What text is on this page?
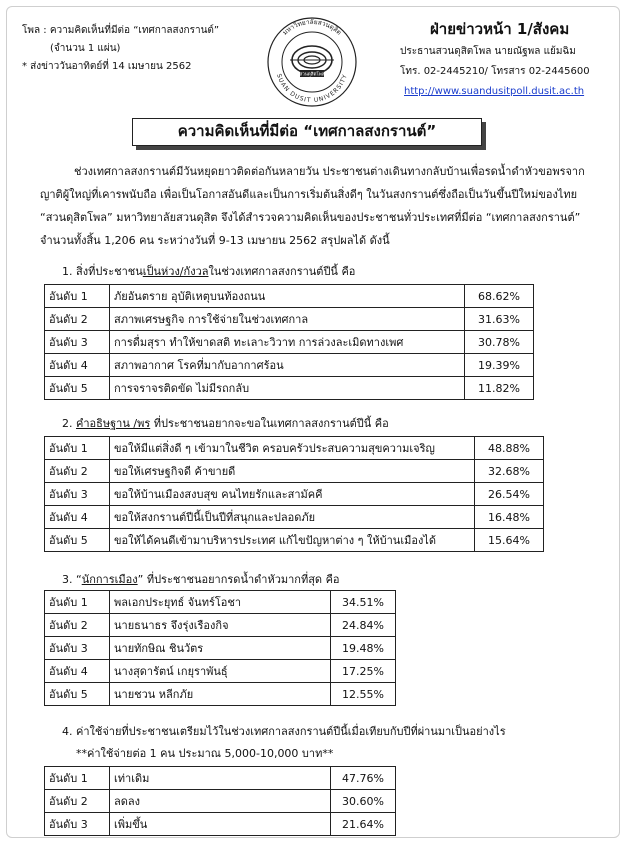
โพล : ความคิดเห็นที่มีต่อ “เทศกาลสงกรานต์”
(จำนวน 1 แผ่น)
* ส่งข่าววันอาทิตย์ที่ 14 เมษายน 2562
มหาวิทยาลัยสวนดุสิต
SUAN DUSIT UNIVERSITY
สวนดุสิตโพล
ฝ่ายข่าวหน้า 1/สังคม
ประธานสวนดุสิตโพล นายณัฐพล แย้มฉิม
โทร. 02-2445210/ โทรสาร 02-2445600
http://www.suandusitpoll.dusit.ac.th
ความคิดเห็นที่มีต่อ “เทศกาลสงกรานต์”
ช่วงเทศกาลสงกรานต์มีวันหยุดยาวติดต่อกันหลายวัน ประชาชนต่างเดินทางกลับบ้านเพื่อรดน้ำดำหัวขอพรจาก
ญาติผู้ใหญ่ที่เคารพนับถือ เพื่อเป็นโอกาสอันดีและเป็นการเริ่มต้นสิ่งดีๆ ในวันสงกรานต์ซึ่งถือเป็นวันขึ้นปีใหม่ของไทย
“สวนดุสิตโพล” มหาวิทยาลัยสวนดุสิต จึงได้สำรวจความคิดเห็นของประชาชนทั่วประเทศที่มีต่อ “เทศกาลสงกรานต์”
จำนวนทั้งสิ้น 1,206 คน ระหว่างวันที่ 9-13 เมษายน 2562 สรุปผลได้ ดังนี้
1. สิ่งที่ประชาชนเป็นห่วง/กังวลในช่วงเทศกาลสงกรานต์ปีนี้ คือ
อันดับ 1	ภัยอันตราย อุบัติเหตุบนท้องถนน	68.62%
อันดับ 2	สภาพเศรษฐกิจ การใช้จ่ายในช่วงเทศกาล	31.63%
อันดับ 3	การดื่มสุรา ทำให้ขาดสติ ทะเลาะวิวาท การล่วงละเมิดทางเพศ	30.78%
อันดับ 4	สภาพอากาศ โรคที่มากับอากาศร้อน	19.39%
อันดับ 5	การจราจรติดขัด ไม่มีรถกลับ	11.82%
2. คำอธิษฐาน /พร ที่ประชาชนอยากจะขอในเทศกาลสงกรานต์ปีนี้ คือ
อันดับ 1	ขอให้มีแต่สิ่งดี ๆ เข้ามาในชีวิต ครอบครัวประสบความสุขความเจริญ	48.88%
อันดับ 2	ขอให้เศรษฐกิจดี ค้าขายดี	32.68%
อันดับ 3	ขอให้บ้านเมืองสงบสุข คนไทยรักและสามัคคี	26.54%
อันดับ 4	ขอให้สงกรานต์ปีนี้เป็นปีที่สนุกและปลอดภัย	16.48%
อันดับ 5	ขอให้ได้คนดีเข้ามาบริหารประเทศ แก้ไขปัญหาต่าง ๆ ให้บ้านเมืองได้	15.64%
3. “นักการเมือง” ที่ประชาชนอยากรดน้ำดำหัวมากที่สุด คือ
อันดับ 1	พลเอกประยุทธ์ จันทร์โอชา	34.51%
อันดับ 2	นายธนาธร จึงรุ่งเรืองกิจ	24.84%
อันดับ 3	นายทักษิณ ชินวัตร	19.48%
อันดับ 4	นางสุดารัตน์ เกยุราพันธุ์	17.25%
อันดับ 5	นายชวน หลีกภัย	12.55%
4. ค่าใช้จ่ายที่ประชาชนเตรียมไว้ในช่วงเทศกาลสงกรานต์ปีนี้เมื่อเทียบกับปีที่ผ่านมาเป็นอย่างไร
**ค่าใช้จ่ายต่อ 1 คน ประมาณ 5,000-10,000 บาท**
อันดับ 1	เท่าเดิม	47.76%
อันดับ 2	ลดลง	30.60%
อันดับ 3	เพิ่มขึ้น	21.64%
